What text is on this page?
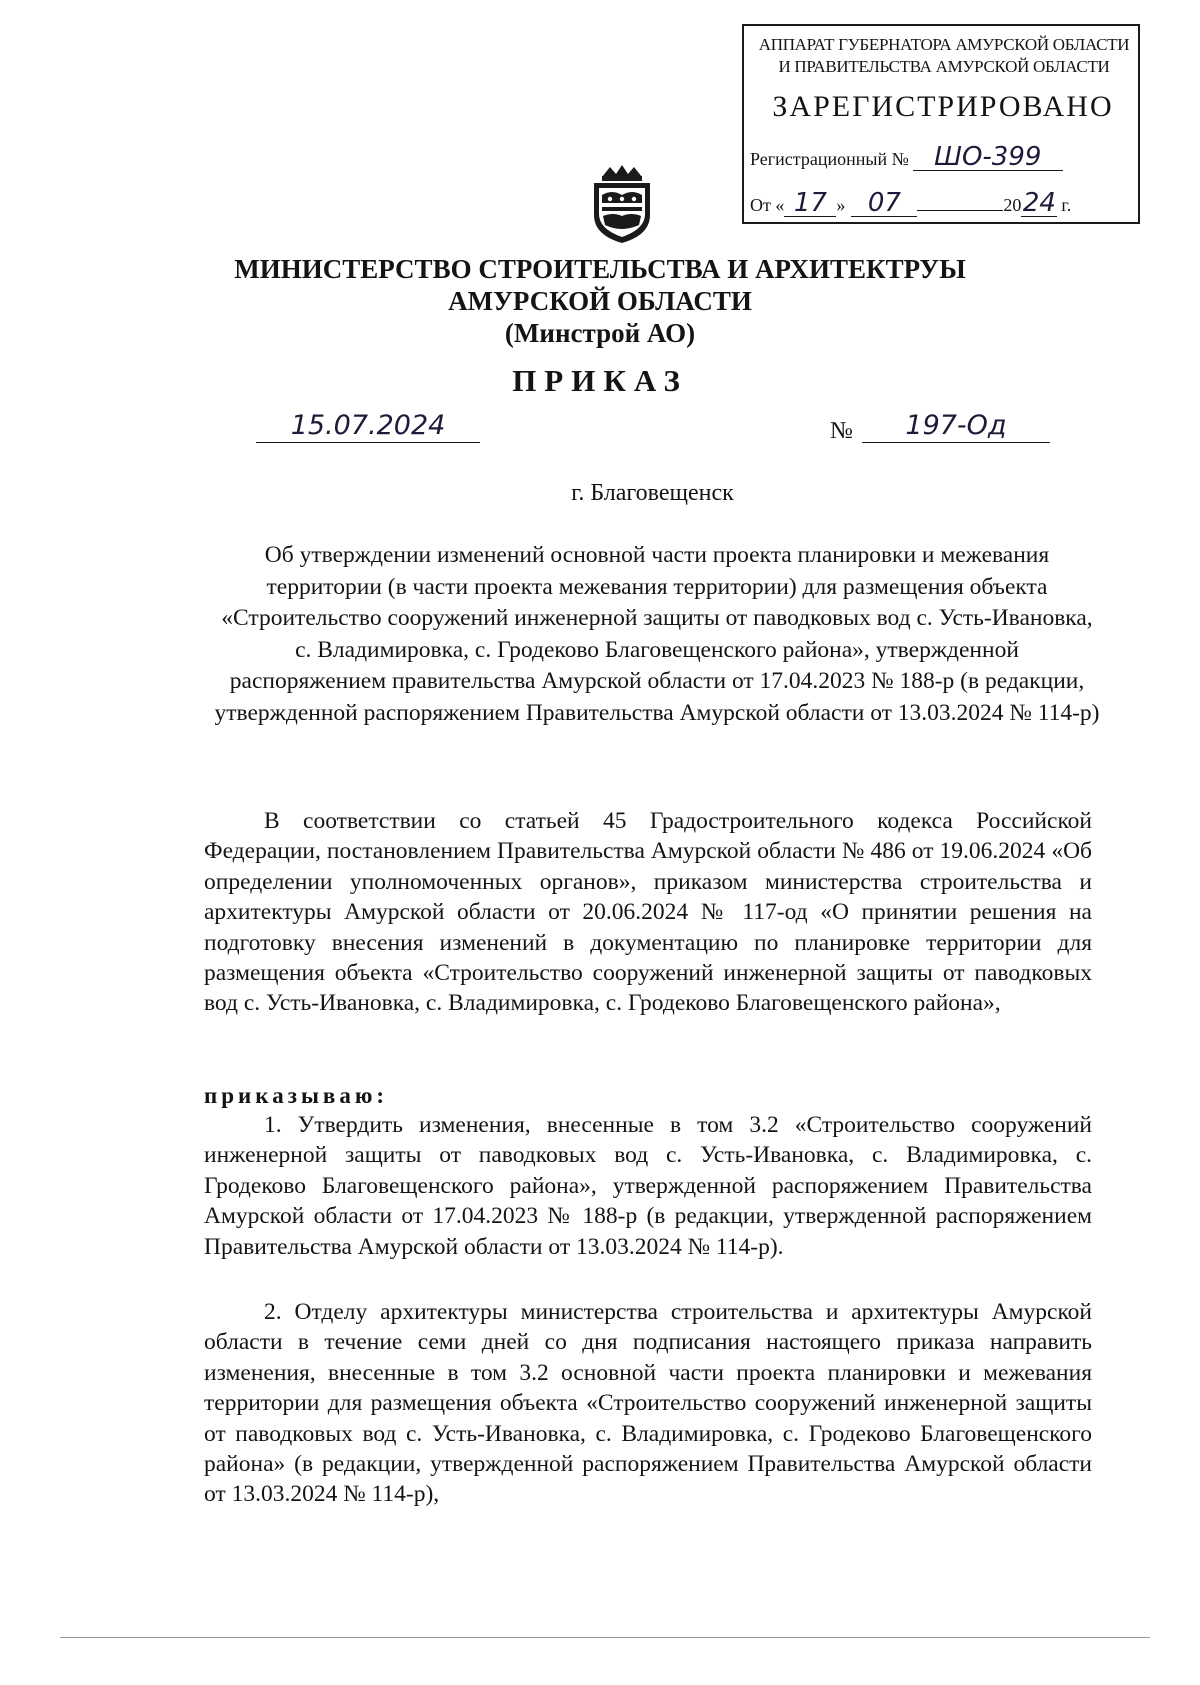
АППАРАТ ГУБЕРНАТОРА АМУРСКОЙ ОБЛАСТИ
И ПРАВИТЕЛЬСТВА АМУРСКОЙ ОБЛАСТИ
ЗАРЕГИСТРИРОВАНО
Регистрационный № ШО-399
От « 17 » 07	2024 г.
МИНИСТЕРСТВО СТРОИТЕЛЬСТВА И АРХИТЕКТРУЫ
АМУРСКОЙ ОБЛАСТИ
(Минстрой АО)
ПРИКАЗ
15.07.2024	№	197-Од
г. Благовещенск
Об утверждении изменений основной части проекта планировки и межевания территории (в части проекта межевания территории) для размещения объекта «Строительство сооружений инженерной защиты от паводковых вод с. Усть-Ивановка, с. Владимировка, с. Гродеково Благовещенского района», утвержденной распоряжением правительства Амурской области от 17.04.2023 № 188-р (в редакции, утвержденной распоряжением Правительства Амурской области от 13.03.2024 № 114-р)
В соответствии со статьей 45 Градостроительного кодекса Российской Федерации, постановлением Правительства Амурской области № 486 от 19.06.2024 «Об определении уполномоченных органов», приказом министерства строительства и архитектуры Амурской области от 20.06.2024 № 117-од «О принятии решения на подготовку внесения изменений в документацию по планировке территории для размещения объекта «Строительство сооружений инженерной защиты от паводковых вод с. Усть-Ивановка, с. Владимировка, с. Гродеково Благовещенского района»,
приказываю:
1. Утвердить изменения, внесенные в том 3.2 «Строительство сооружений инженерной защиты от паводковых вод с. Усть-Ивановка, с. Владимировка, с. Гродеково Благовещенского района», утвержденной распоряжением Правительства Амурской области от 17.04.2023 № 188-р (в редакции, утвержденной распоряжением Правительства Амурской области от 13.03.2024 № 114-р).
2. Отделу архитектуры министерства строительства и архитектуры Амурской области в течение семи дней со дня подписания настоящего приказа направить изменения, внесенные в том 3.2 основной части проекта планировки и межевания территории для размещения объекта «Строительство сооружений инженерной защиты от паводковых вод с. Усть-Ивановка, с. Владимировка, с. Гродеково Благовещенского района» (в редакции, утвержденной распоряжением Правительства Амурской области от 13.03.2024 № 114-р),
